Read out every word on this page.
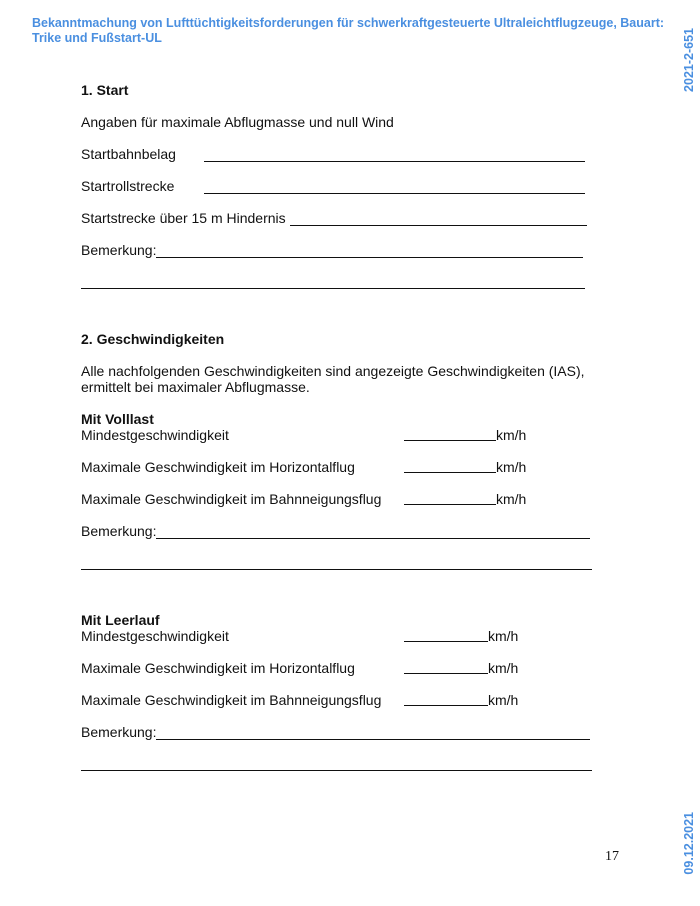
Bekanntmachung von Lufttüchtigkeitsforderungen für schwerkraftgesteuerte Ultraleichtflugzeuge, Bauart: Trike und Fußstart-UL	2021-2-651
09.12.2021

1. Start

Angaben für maximale Abflugmasse und null Wind
Startbahnbelag
Startrollstrecke
Startstrecke über 15 m Hindernis
Bemerkung:

2. Geschwindigkeiten

Alle nachfolgenden Geschwindigkeiten sind angezeigte Geschwindigkeiten (IAS), ermittelt bei maximaler Abflugmasse.
Mit Volllast
Mindestgeschwindigkeit	km/h
Maximale Geschwindigkeit im Horizontalflug	km/h
Maximale Geschwindigkeit im Bahnneigungsflug	km/h
Bemerkung:
Mit Leerlauf
Mindestgeschwindigkeit	km/h
Maximale Geschwindigkeit im Horizontalflug	km/h
Maximale Geschwindigkeit im Bahnneigungsflug	km/h
Bemerkung:
17
